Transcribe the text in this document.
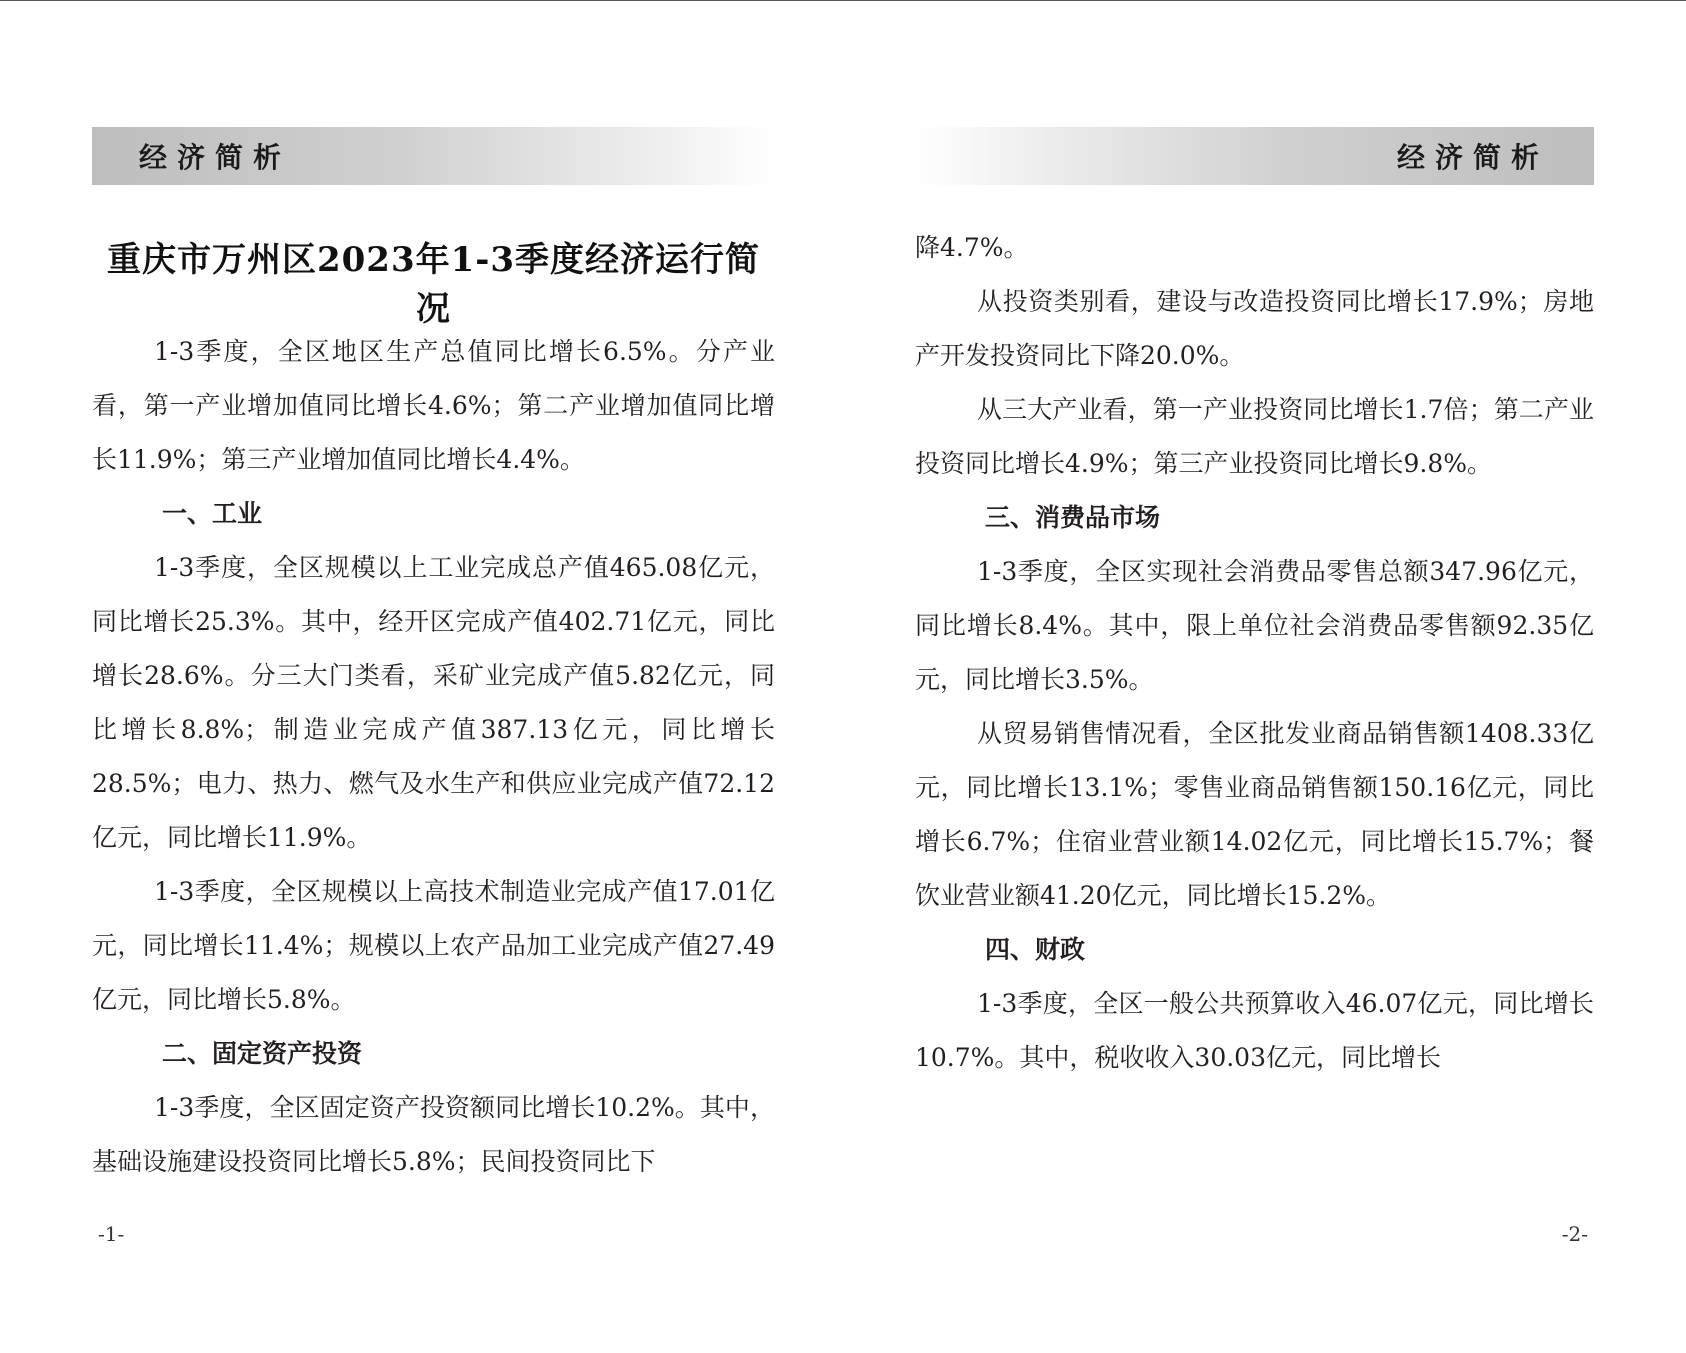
经济简析
重庆市万州区2023年1-3季度经济运行简况

1-3季度，全区地区生产总值同比增长6.5%。分产业看，第一产业增加值同比增长4.6%；第二产业增加值同比增长11.9%；第三产业增加值同比增长4.4%。

一、工业

1-3季度，全区规模以上工业完成总产值465.08亿元，同比增长25.3%。其中，经开区完成产值402.71亿元，同比增长28.6%。分三大门类看，采矿业完成产值5.82亿元，同比增长8.8%；制造业完成产值387.13亿元，同比增长28.5%；电力、热力、燃气及水生产和供应业完成产值72.12亿元，同比增长11.9%。

1-3季度，全区规模以上高技术制造业完成产值17.01亿元，同比增长11.4%；规模以上农产品加工业完成产值27.49亿元，同比增长5.8%。

二、固定资产投资

1-3季度，全区固定资产投资额同比增长10.2%。其中，基础设施建设投资同比增长5.8%；民间投资同比下

-1-
经济简析

降4.7%。

从投资类别看，建设与改造投资同比增长17.9%；房地产开发投资同比下降20.0%。

从三大产业看，第一产业投资同比增长1.7倍；第二产业投资同比增长4.9%；第三产业投资同比增长9.8%。

三、消费品市场

1-3季度，全区实现社会消费品零售总额347.96亿元，同比增长8.4%。其中，限上单位社会消费品零售额92.35亿元，同比增长3.5%。

从贸易销售情况看，全区批发业商品销售额1408.33亿元，同比增长13.1%；零售业商品销售额150.16亿元，同比增长6.7%；住宿业营业额14.02亿元，同比增长15.7%；餐饮业营业额41.20亿元，同比增长15.2%。

四、财政

1-3季度，全区一般公共预算收入46.07亿元，同比增长10.7%。其中，税收收入30.03亿元，同比增长

-2-
